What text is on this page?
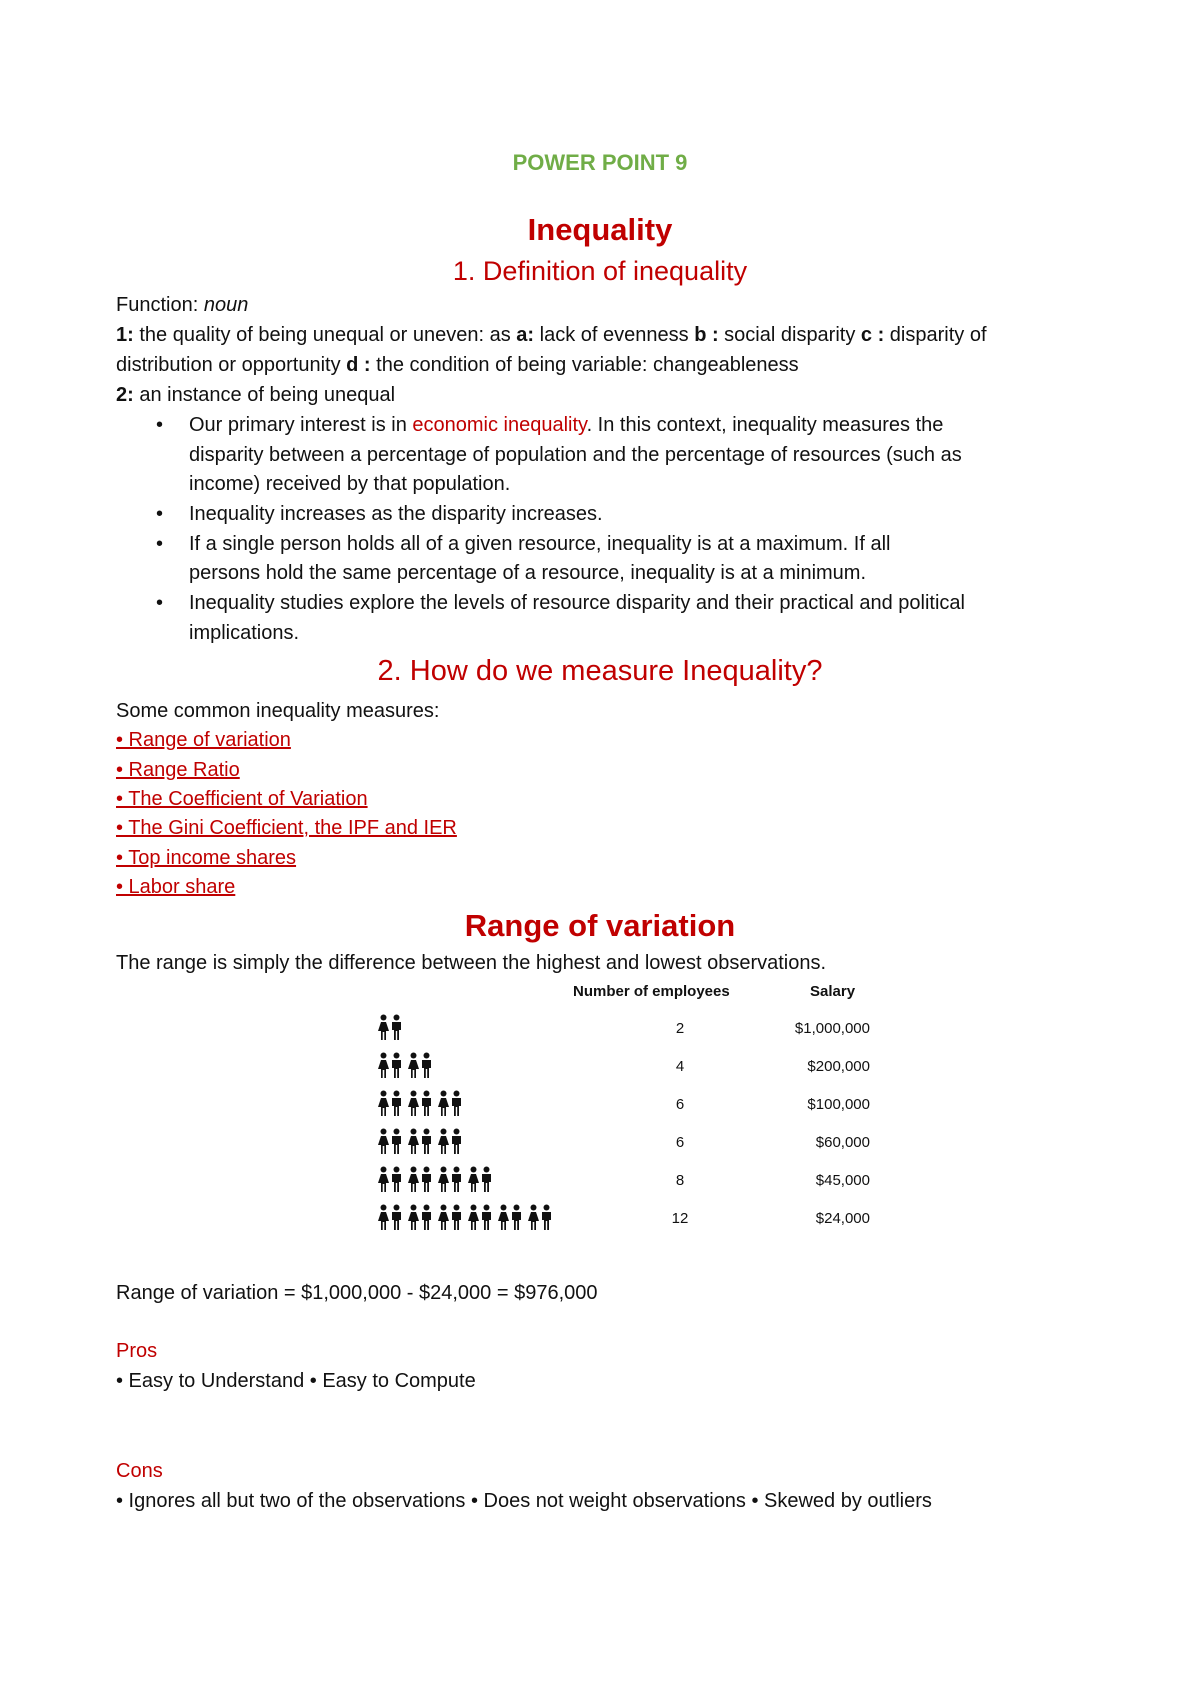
POWER POINT 9
Inequality
1. Definition of inequality
Function: noun
1: the quality of being unequal or uneven: as a: lack of evenness b : social disparity c : disparity of
distribution or opportunity d : the condition of being variable: changeableness
2: an instance of being unequal
• Our primary interest is in economic inequality. In this context, inequality measures the
disparity between a percentage of population and the percentage of resources (such as
income) received by that population.
• Inequality increases as the disparity increases.
• If a single person holds all of a given resource, inequality is at a maximum. If all
persons hold the same percentage of a resource, inequality is at a minimum.
• Inequality studies explore the levels of resource disparity and their practical and political
implications.
2. How do we measure Inequality?
Some common inequality measures:
• Range of variation
• Range Ratio
• The Coefficient of Variation
• The Gini Coefficient, the IPF and IER
• Top income shares
• Labor share
Range of variation
The range is simply the difference between the highest and lowest observations.
Number of employees	Salary
2	$1,000,000
4	$200,000
6	$100,000
6	$60,000
8	$45,000
12	$24,000
Range of variation = $1,000,000 - $24,000 = $976,000
Pros
• Easy to Understand • Easy to Compute
Cons
• Ignores all but two of the observations • Does not weight observations • Skewed by outliers
